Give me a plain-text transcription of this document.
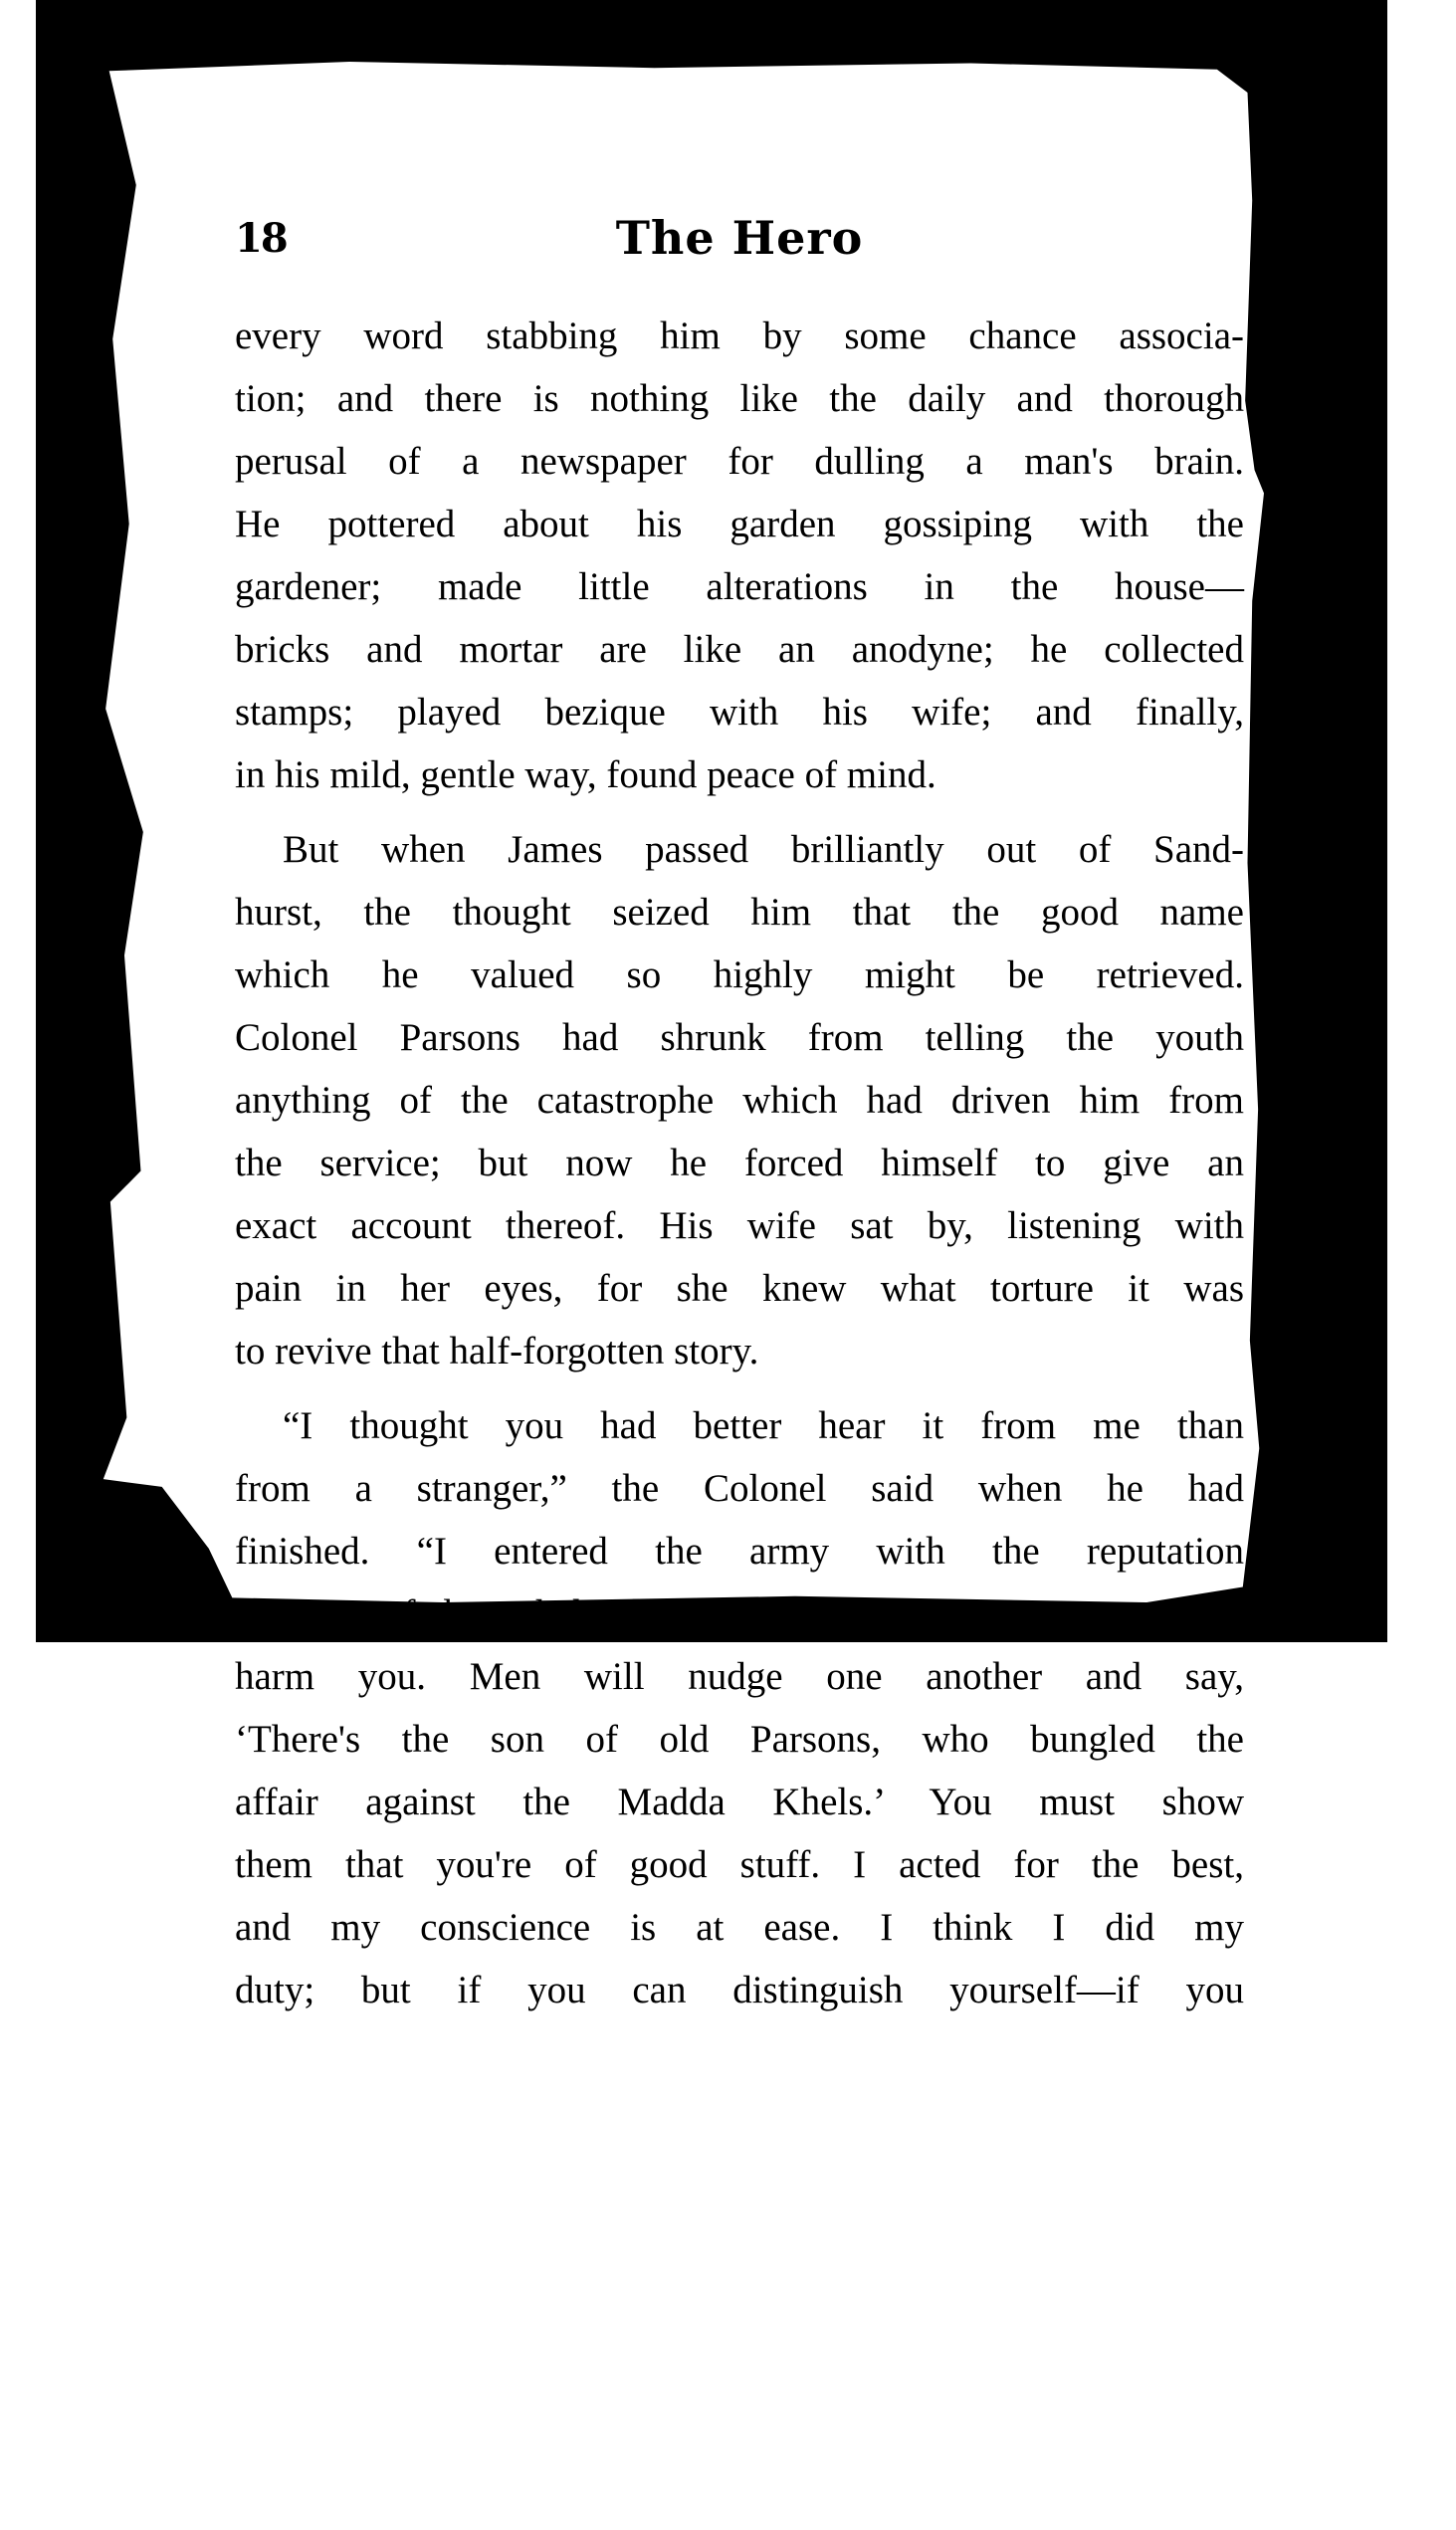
18	The Hero
every word stabbing him by some chance associa-
tion; and there is nothing like the daily and thorough
perusal of a newspaper for dulling a man's brain.
He pottered about his garden gossiping with the
gardener; made little alterations in the house—
bricks and mortar are like an anodyne; he collected
stamps; played bezique with his wife; and finally,
in his mild, gentle way, found peace of mind.
But when James passed brilliantly out of Sand-
hurst, the thought seized him that the good name
which he valued so highly might be retrieved.
Colonel Parsons had shrunk from telling the youth
anything of the catastrophe which had driven him from
the service; but now he forced himself to give an
exact account thereof. His wife sat by, listening with
pain in her eyes, for she knew what torture it was
to revive that half-forgotten story.
“I thought you had better hear it from me than
from a stranger,” the Colonel said when he had
finished. “I entered the army with the reputation
of my father behind me; my reputation can only
harm you. Men will nudge one another and say,
‘There's the son of old Parsons, who bungled the
affair against the Madda Khels.’ You must show
them that you're of good stuff. I acted for the best,
and my conscience is at ease. I think I did my
duty; but if you can distinguish yourself—if you
